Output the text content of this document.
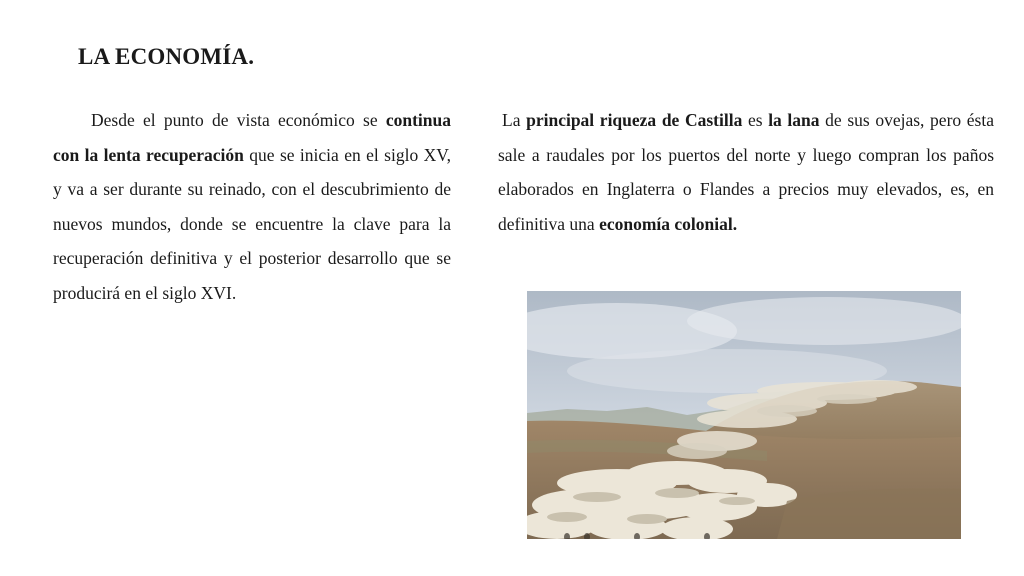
LA ECONOMÍA.

Desde el punto de vista económico se continua con la lenta recuperación que se inicia en el siglo XV, y va a ser durante su reinado, con el descubrimiento de nuevos mundos, donde se encuentre la clave para la recuperación definitiva y el posterior desarrollo que se producirá en el siglo XVI.

La principal riqueza de Castilla es la lana de sus ovejas, pero ésta sale a raudales por los puertos del norte y luego compran los paños elaborados en Inglaterra o Flandes a precios muy elevados, es, en definitiva una economía colonial.
